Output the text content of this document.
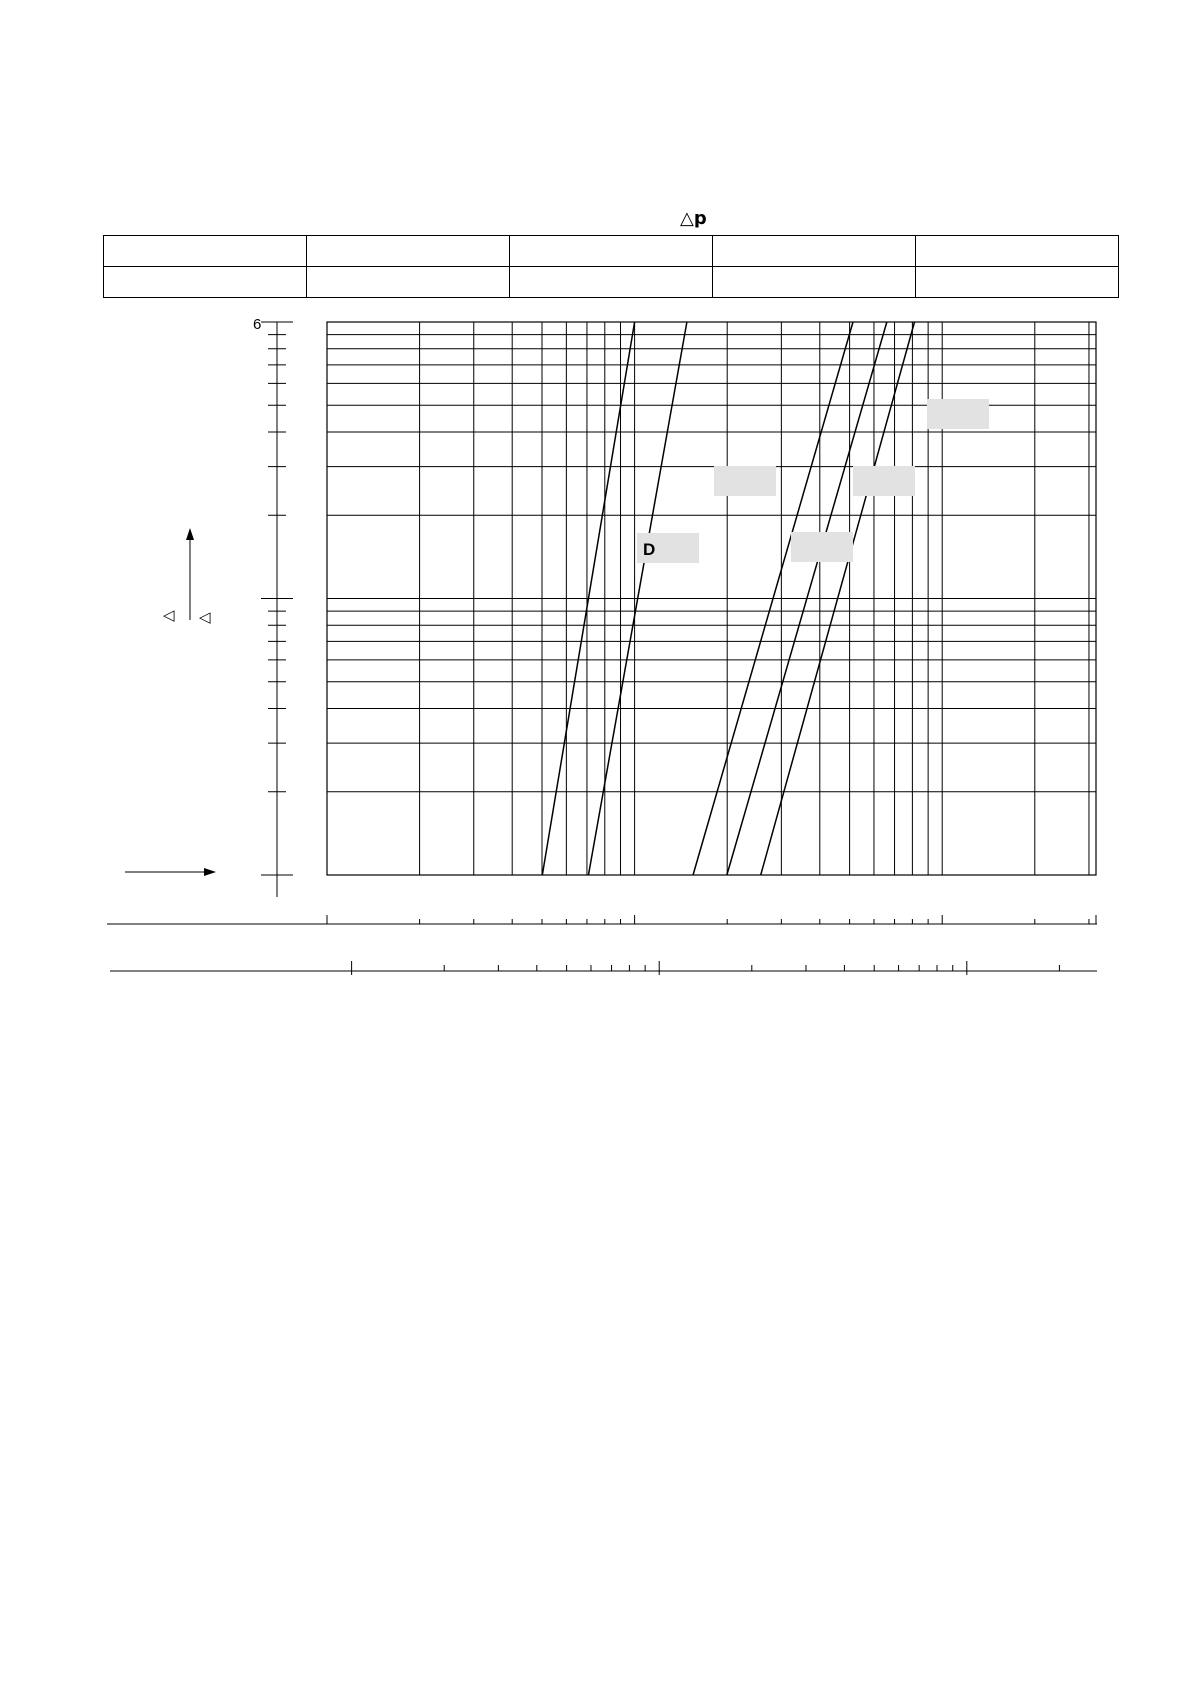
△p

6
◁ ◁
D
